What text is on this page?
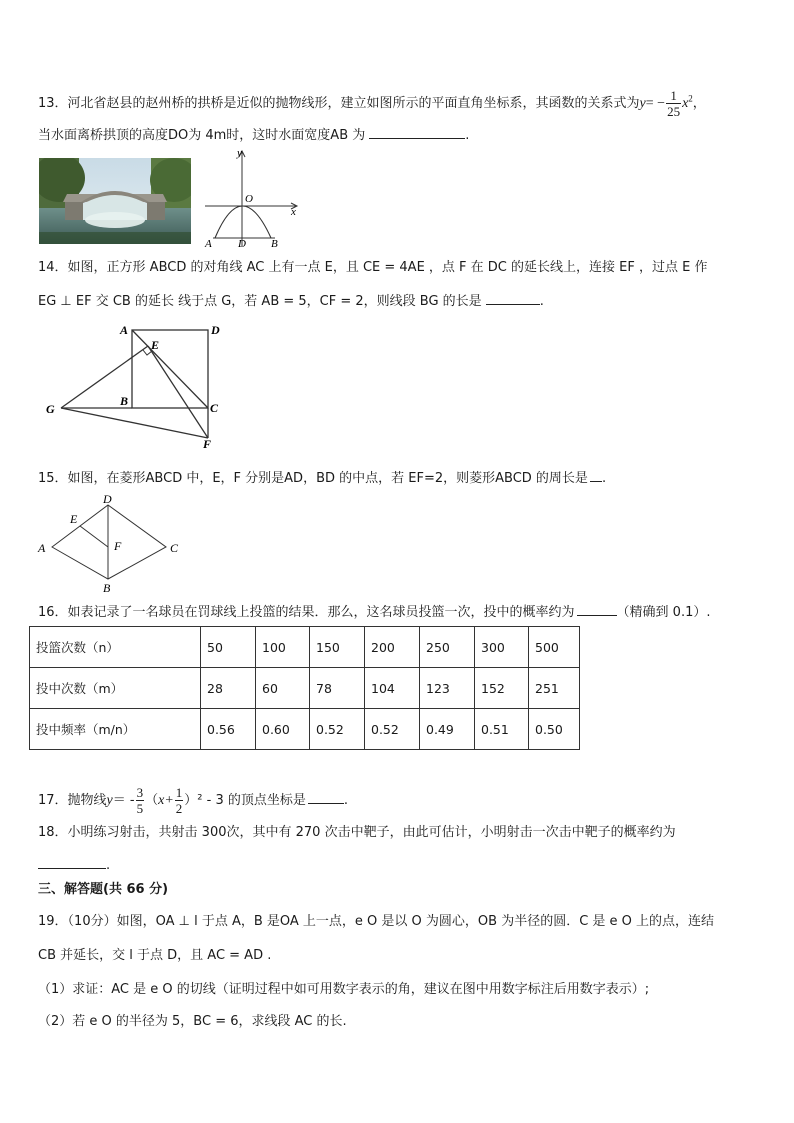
13．河北省赵县的赵州桥的拱桥是近似的抛物线形，建立如图所示的平面直角坐标系，其函数的关系式为$y= - \frac{1}{25} x^2$，
当水面离桥拱顶的高度DO为 4m时，这时水面宽度AB 为	.
y
x
O
A D B
14．如图，正方形 ABCD 的对角线 AC 上有一点 E，且 CE = 4AE ，点 F 在 DC 的延长线上，连接 EF ，过点 E 作
EG ⊥ EF 交 CB 的延长 线于点 G，若 AB = 5，CF = 2，则线段 BG 的长是	.
A	D
E
G
B	C
F
15．如图，在菱形ABCD 中，E，F 分别是AD，BD 的中点，若 EF=2，则菱形ABCD 的周长是 .
D
E
A	F	C
B
16．如表记录了一名球员在罚球线上投篮的结果．那么，这名球员投篮一次，投中的概率约为	（精确到 0.1）.
投篮次数（n）	50	100	150	200	250	300	500
投中次数（m）	28	60	78	104	123	152	251
投中频率（m/n）	0.56	0.60	0.52	0.52	0.49	0.51	0.50
17．抛物线$y= - \frac{3}{5} (x+ \frac{1}{2} )^2 - 3$ 的顶点坐标是	.
18．小明练习射击，共射击 300次，其中有 270 次击中靶子，由此可估计，小明射击一次击中靶子的概率约为
.
三、解答题(共 66 分)
19．（10分）如图，OA ⊥ l 于点 A，B 是OA 上一点，e O 是以 O 为圆心，OB 为半径的圆．C 是 e O 上的点，连结
CB 并延长，交 l 于点 D，且 AC = AD .
（1）求证：AC 是 e O 的切线（证明过程中如可用数字表示的角，建议在图中用数字标注后用数字表示）;
（2）若 e O 的半径为 5，BC = 6，求线段 AC 的长.
